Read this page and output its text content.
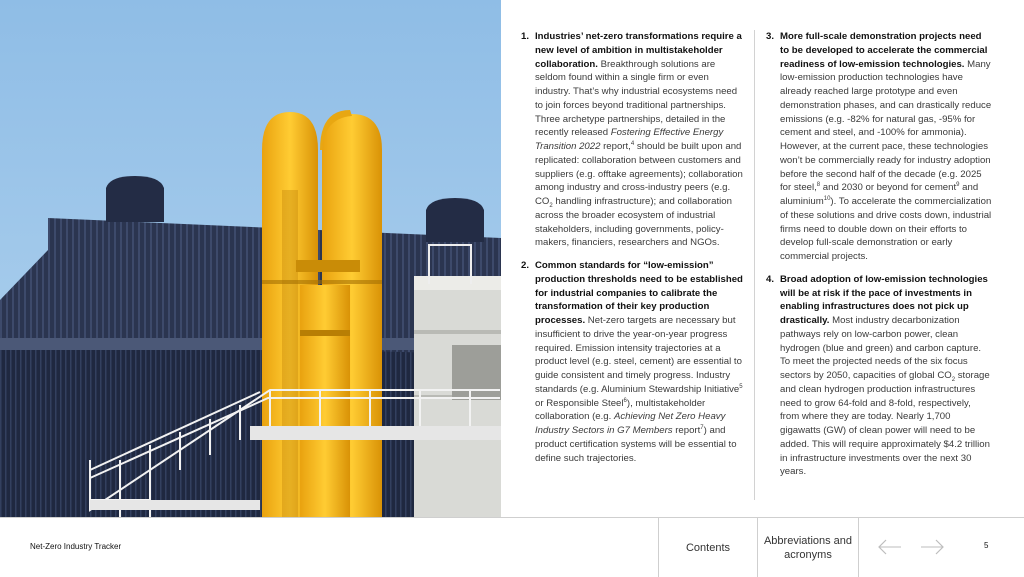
1. Industries’ net-zero transformations require a new level of ambition in multistakeholder collaboration. Breakthrough solutions are seldom found within a single firm or even industry. That’s why industrial ecosystems need to join forces beyond traditional partnerships. Three archetype partnerships, detailed in the recently released Fostering Effective Energy Transition 2022 report,$^4$ should be built upon and replicated: collaboration between customers and suppliers (e.g. offtake agreements); collaboration among industry and cross-industry peers (e.g. $CO_2$ handling infrastructure); and collaboration across the broader ecosystem of industrial stakeholders, including governments, policy-makers, financiers, researchers and NGOs.
2. Common standards for “low-emission” production thresholds need to be established for industrial companies to calibrate the transformation of their key production processes. Net-zero targets are necessary but insufficient to drive the year-on-year progress required. Emission intensity trajectories at a product level (e.g. steel, cement) are essential to guide consistent and timely progress. Industry standards (e.g. Aluminium Stewardship Initiative$^5$ or Responsible Steel$^6$), multistakeholder collaboration (e.g. Achieving Net Zero Heavy Industry Sectors in G7 Members report$^7$) and product certification systems will be essential to define such trajectories.
3. More full-scale demonstration projects need to be developed to accelerate the commercial readiness of low-emission technologies. Many low-emission production technologies have already reached large prototype and even demonstration phases, and can drastically reduce emissions (e.g. -82% for natural gas, -95% for cement and steel, and -100% for ammonia). However, at the current pace, these technologies won’t be commercially ready for industry adoption before the second half of the decade (e.g. 2025 for steel,$^8$ and 2030 or beyond for cement$^9$ and aluminium$^{10}$). To accelerate the commercialization of these solutions and drive costs down, industrial firms need to double down on their efforts to develop full-scale demonstration or early commercial projects.
4. Broad adoption of low-emission technologies will be at risk if the pace of investments in enabling infrastructures does not pick up drastically. Most industry decarbonization pathways rely on low-carbon power, clean hydrogen (blue and green) and carbon capture. To meet the projected needs of the six focus sectors by 2050, capacities of global $CO_2$ storage and clean hydrogen production infrastructures need to grow 64-fold and 8-fold, respectively, from where they are today. Nearly 1,700 gigawatts (GW) of clean power will need to be added. This will require approximately $4.2 trillion in infrastructure investments over the next 30 years.
Net-Zero Industry Tracker	Contents
Abbreviations and acronyms
5
